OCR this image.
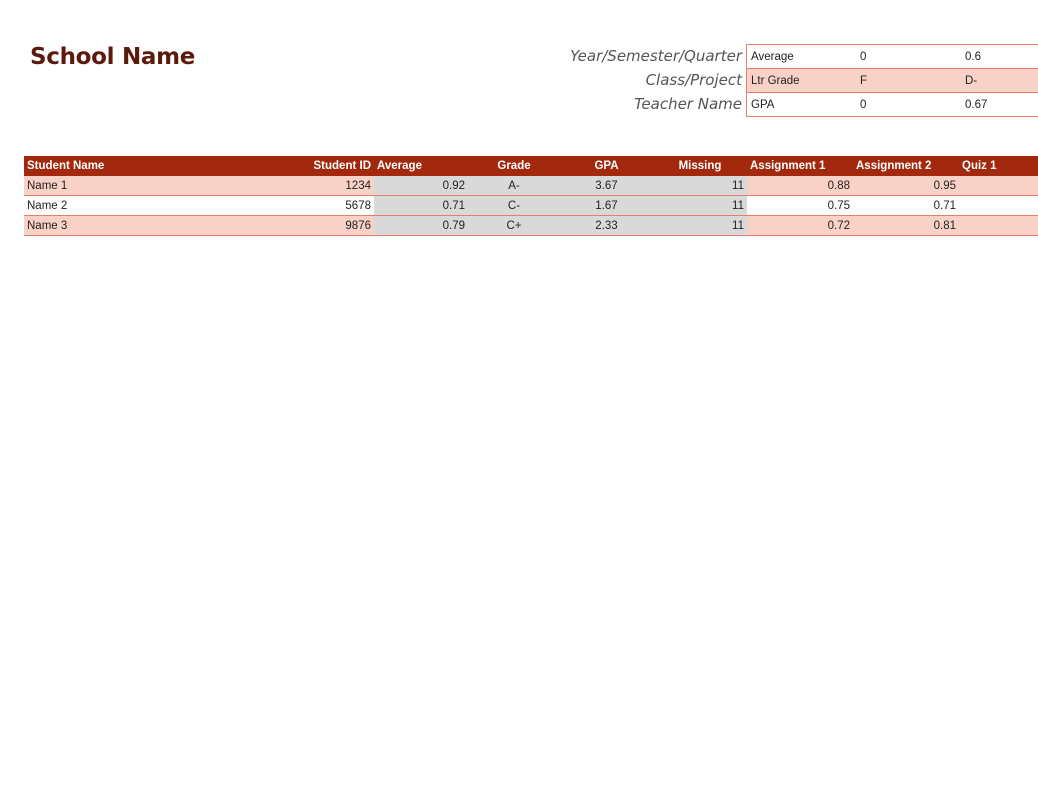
School Name	Year/Semester/Quarter
Class/Project
Teacher Name
Average	0	0.6
Ltr Grade	F	D-
GPA	0	0.67
Student Name	Student ID	Average	Grade	GPA	Missing	Assignment 1	Assignment 2	Quiz 1
Name 1	1234	0.92	A-	3.67	11	0.88	0.95	
Name 2	5678	0.71	C-	1.67	11	0.75	0.71	
Name 3	9876	0.79	C+	2.33	11	0.72	0.81	
